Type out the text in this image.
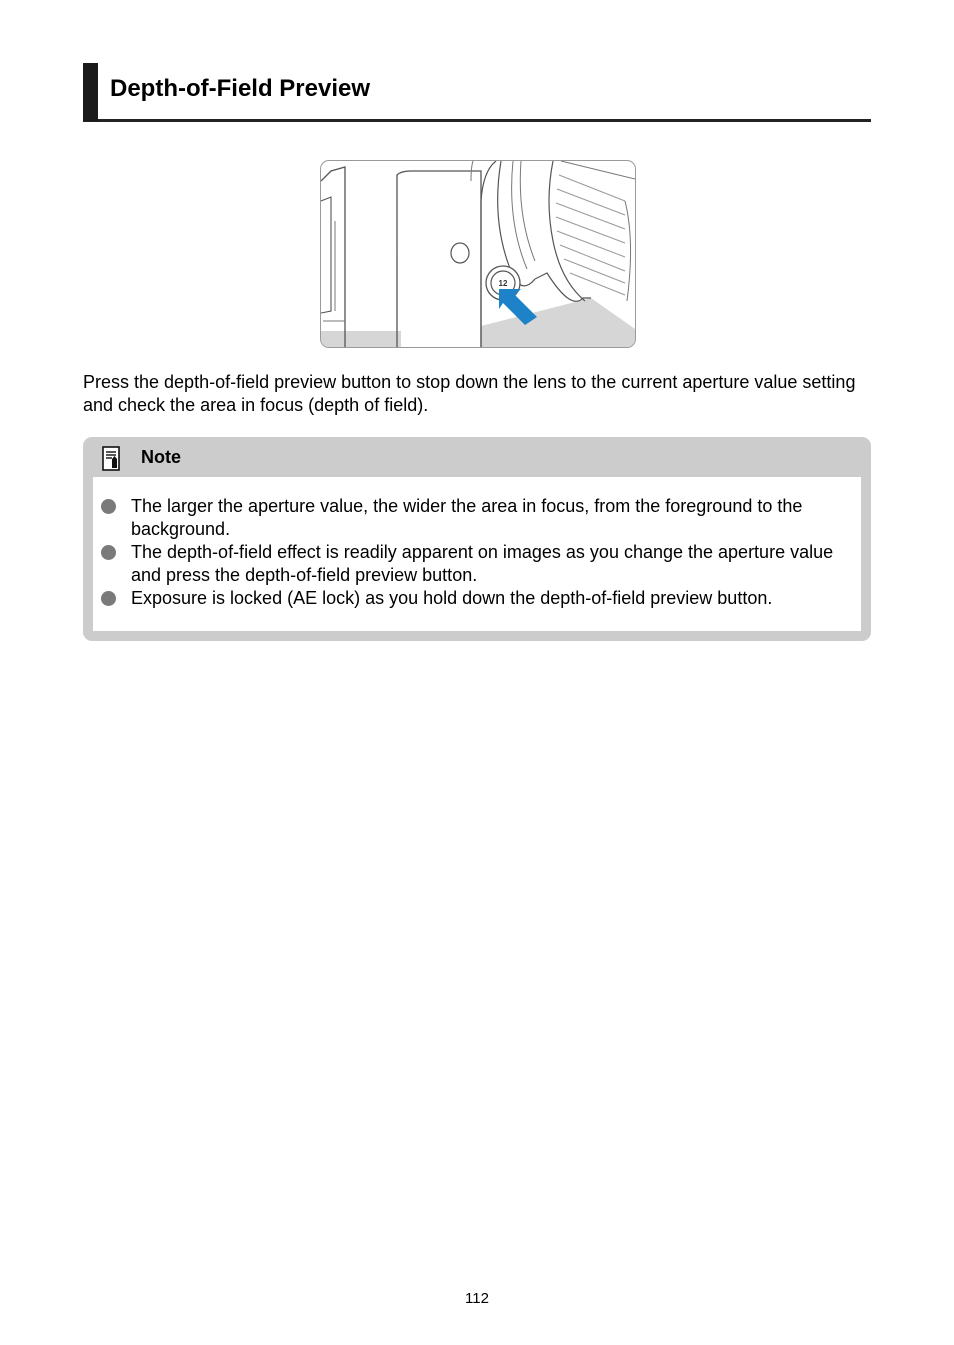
Depth-of-Field Preview
12
Press the depth-of-field preview button to stop down the lens to the current aperture value setting and check the area in focus (depth of field).
Note
The larger the aperture value, the wider the area in focus, from the foreground to the background.
The depth-of-field effect is readily apparent on images as you change the aperture value and press the depth-of-field preview button.
Exposure is locked (AE lock) as you hold down the depth-of-field preview button.
112
